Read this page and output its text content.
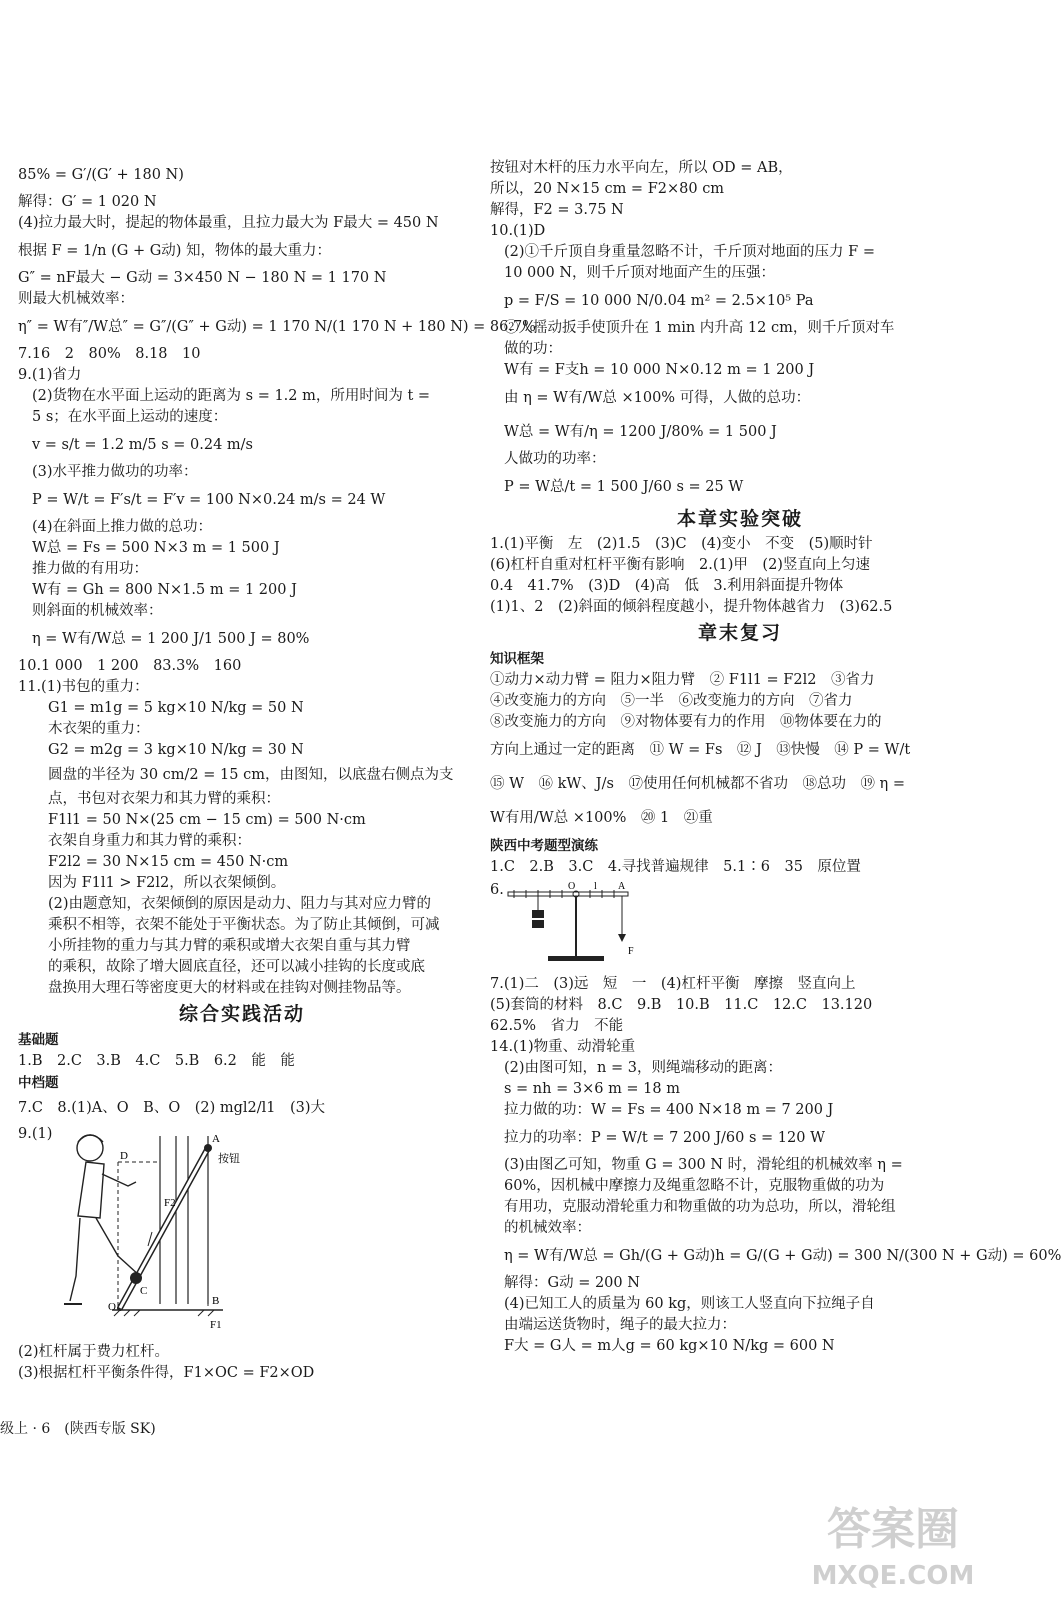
85% = G′/(G′ + 180 N)
解得：G′ = 1 020 N
(4)拉力最大时，提起的物体最重，且拉力最大为 F最大 = 450 N
根据 F = 1/n (G + G动) 知，物体的最大重力：
G″ = nF最大 − G动 = 3×450 N − 180 N = 1 170 N
则最大机械效率：
η″ = W有″/W总″ = G″/(G″ + G动) = 1 170 N/(1 170 N + 180 N) = 86.7%
7.16　2　80%　8.18　10
9.(1)省力
(2)货物在水平面上运动的距离为 s = 1.2 m，所用时间为 t =
5 s；在水平面上运动的速度：
v = s/t = 1.2 m/5 s = 0.24 m/s
(3)水平推力做功的功率：
P = W/t = F′s/t = F′v = 100 N×0.24 m/s = 24 W
(4)在斜面上推力做的总功：
W总 = Fs = 500 N×3 m = 1 500 J
推力做的有用功：
W有 = Gh = 800 N×1.5 m = 1 200 J
则斜面的机械效率：
η = W有/W总 = 1 200 J/1 500 J = 80%
10.1 000　1 200　83.3%　160
11.(1)书包的重力：
G1 = m1g = 5 kg×10 N/kg = 50 N
木衣架的重力：
G2 = m2g = 3 kg×10 N/kg = 30 N
圆盘的半径为 30 cm/2 = 15 cm，由图知，以底盘右侧点为支
点，书包对衣架力和其力臂的乘积：
F1l1 = 50 N×(25 cm − 15 cm) = 500 N·cm
衣架自身重力和其力臂的乘积：
F2l2 = 30 N×15 cm = 450 N·cm
因为 F1l1 > F2l2，所以衣架倾倒。
(2)由题意知，衣架倾倒的原因是动力、阻力与其对应力臂的
乘积不相等，衣架不能处于平衡状态。为了防止其倾倒，可减
小所挂物的重力与其力臂的乘积或增大衣架自重与其力臂
的乘积，故除了增大圆底直径，还可以减小挂钩的长度或底
盘换用大理石等密度更大的材料或在挂钩对侧挂物品等。
综合实践活动
基础题
1.B　2.C　3.B　4.C　5.B　6.2　能　能
中档题
7.C　8.(1)A、O　B、O　(2) mgl2/l1　(3)大
9.(1)
D
A
按钮
F2
C
O	B
F1
(2)杠杆属于费力杠杆。
(3)根据杠杆平衡条件得，F1×OC = F2×OD
级上 · 6　(陕西专版 SK)
按钮对木杆的压力水平向左，所以 OD = AB，
所以，20 N×15 cm = F2×80 cm
解得，F2 = 3.75 N
10.(1)D
(2)①千斤顶自身重量忽略不计，千斤顶对地面的压力 F =
10 000 N，则千斤顶对地面产生的压强：
p = F/S = 10 000 N/0.04 m² = 2.5×10⁵ Pa
②人摇动扳手使顶升在 1 min 内升高 12 cm，则千斤顶对车
做的功：
W有 = F支h = 10 000 N×0.12 m = 1 200 J
由 η = W有/W总 ×100% 可得，人做的总功：
W总 = W有/η = 1200 J/80% = 1 500 J
人做功的功率：
P = W总/t = 1 500 J/60 s = 25 W
本章实验突破
1.(1)平衡　左　(2)1.5　(3)C　(4)变小　不变　(5)顺时针
(6)杠杆自重对杠杆平衡有影响　2.(1)甲　(2)竖直向上匀速
0.4　41.7%　(3)D　(4)高　低　3.利用斜面提升物体
(1)1、2　(2)斜面的倾斜程度越小，提升物体越省力　(3)62.5
章末复习
知识框架
①动力×动力臂 = 阻力×阻力臂　② F1l1 = F2l2　③省力
④改变施力的方向　⑤一半　⑥改变施力的方向　⑦省力
⑧改变施力的方向　⑨对物体要有力的作用　⑩物体要在力的
方向上通过一定的距离　⑪ W = Fs　⑫ J　⑬快慢　⑭ P = W/t
⑮ W　⑯ kW、J/s　⑰使用任何机械都不省功　⑱总功　⑲ η =
W有用/W总 ×100%　⑳ 1　㉑重
陕西中考题型演练
1.C　2.B　3.C　4.寻找普遍规律　5.1∶6　35　原位置
6.	O l A
F
7.(1)二　(3)远　短　一　(4)杠杆平衡　摩擦　竖直向上
(5)套筒的材料　8.C　9.B　10.B　11.C　12.C　13.120
62.5%　省力　不能
14.(1)物重、动滑轮重
(2)由图可知，n = 3，则绳端移动的距离：
s = nh = 3×6 m = 18 m
拉力做的功：W = Fs = 400 N×18 m = 7 200 J
拉力的功率：P = W/t = 7 200 J/60 s = 120 W
(3)由图乙可知，物重 G = 300 N 时，滑轮组的机械效率 η =
60%，因机械中摩擦力及绳重忽略不计，克服物重做的功为
有用功，克服动滑轮重力和物重做的功为总功，所以，滑轮组
的机械效率：
η = W有/W总 = Gh/(G + G动)h = G/(G + G动) = 300 N/(300 N + G动) = 60%
解得：G动 = 200 N
(4)已知工人的质量为 60 kg，则该工人竖直向下拉绳子自
由端运送货物时，绳子的最大拉力：
F大 = G人 = m人g = 60 kg×10 N/kg = 600 N
答案圈
MXQE.COM
